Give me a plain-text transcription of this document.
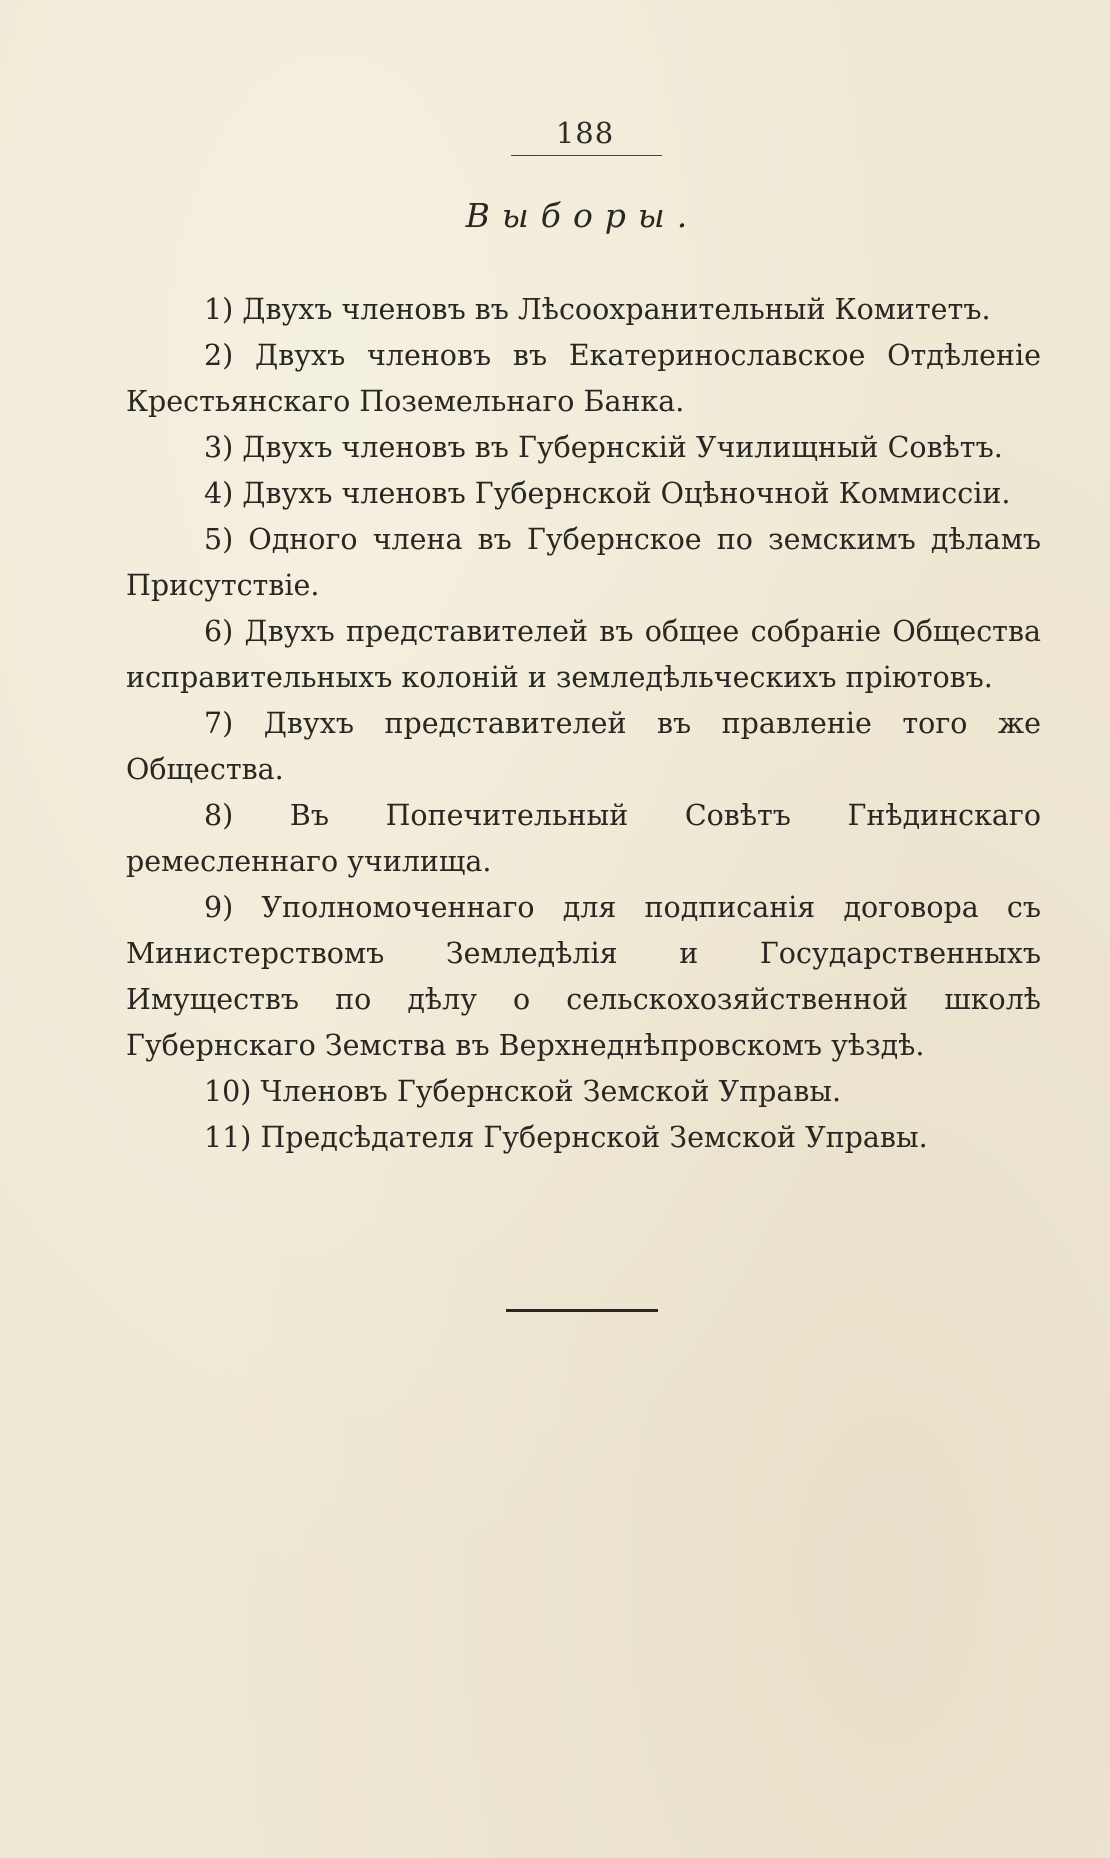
188
Выборы.

1) Двухъ членовъ въ Лѣсоохранительный Комитетъ.

2) Двухъ членовъ въ Екатеринославское Отдѣленіе Крестьянскаго Поземельнаго Банка.

3) Двухъ членовъ въ Губернскій Училищный Совѣтъ.

4) Двухъ членовъ Губернской Оцѣночной Коммиссіи.

5) Одного члена въ Губернское по земскимъ дѣламъ Присутствіе.

6) Двухъ представителей въ общее собраніе Общества исправительныхъ колоній и земледѣльческихъ пріютовъ.

7) Двухъ представителей въ правленіе того же Общества.

8) Въ Попечительный Совѣтъ Гнѣдинскаго ремесленнаго училища.

9) Уполномоченнаго для подписанія договора съ Министерствомъ Земледѣлія и Государственныхъ Имуществъ по дѣлу о сельскохозяйственной школѣ Губернскаго Земства въ Верхнеднѣпровскомъ уѣздѣ.

10) Членовъ Губернской Земской Управы.

11) Предсѣдателя Губернской Земской Управы.
